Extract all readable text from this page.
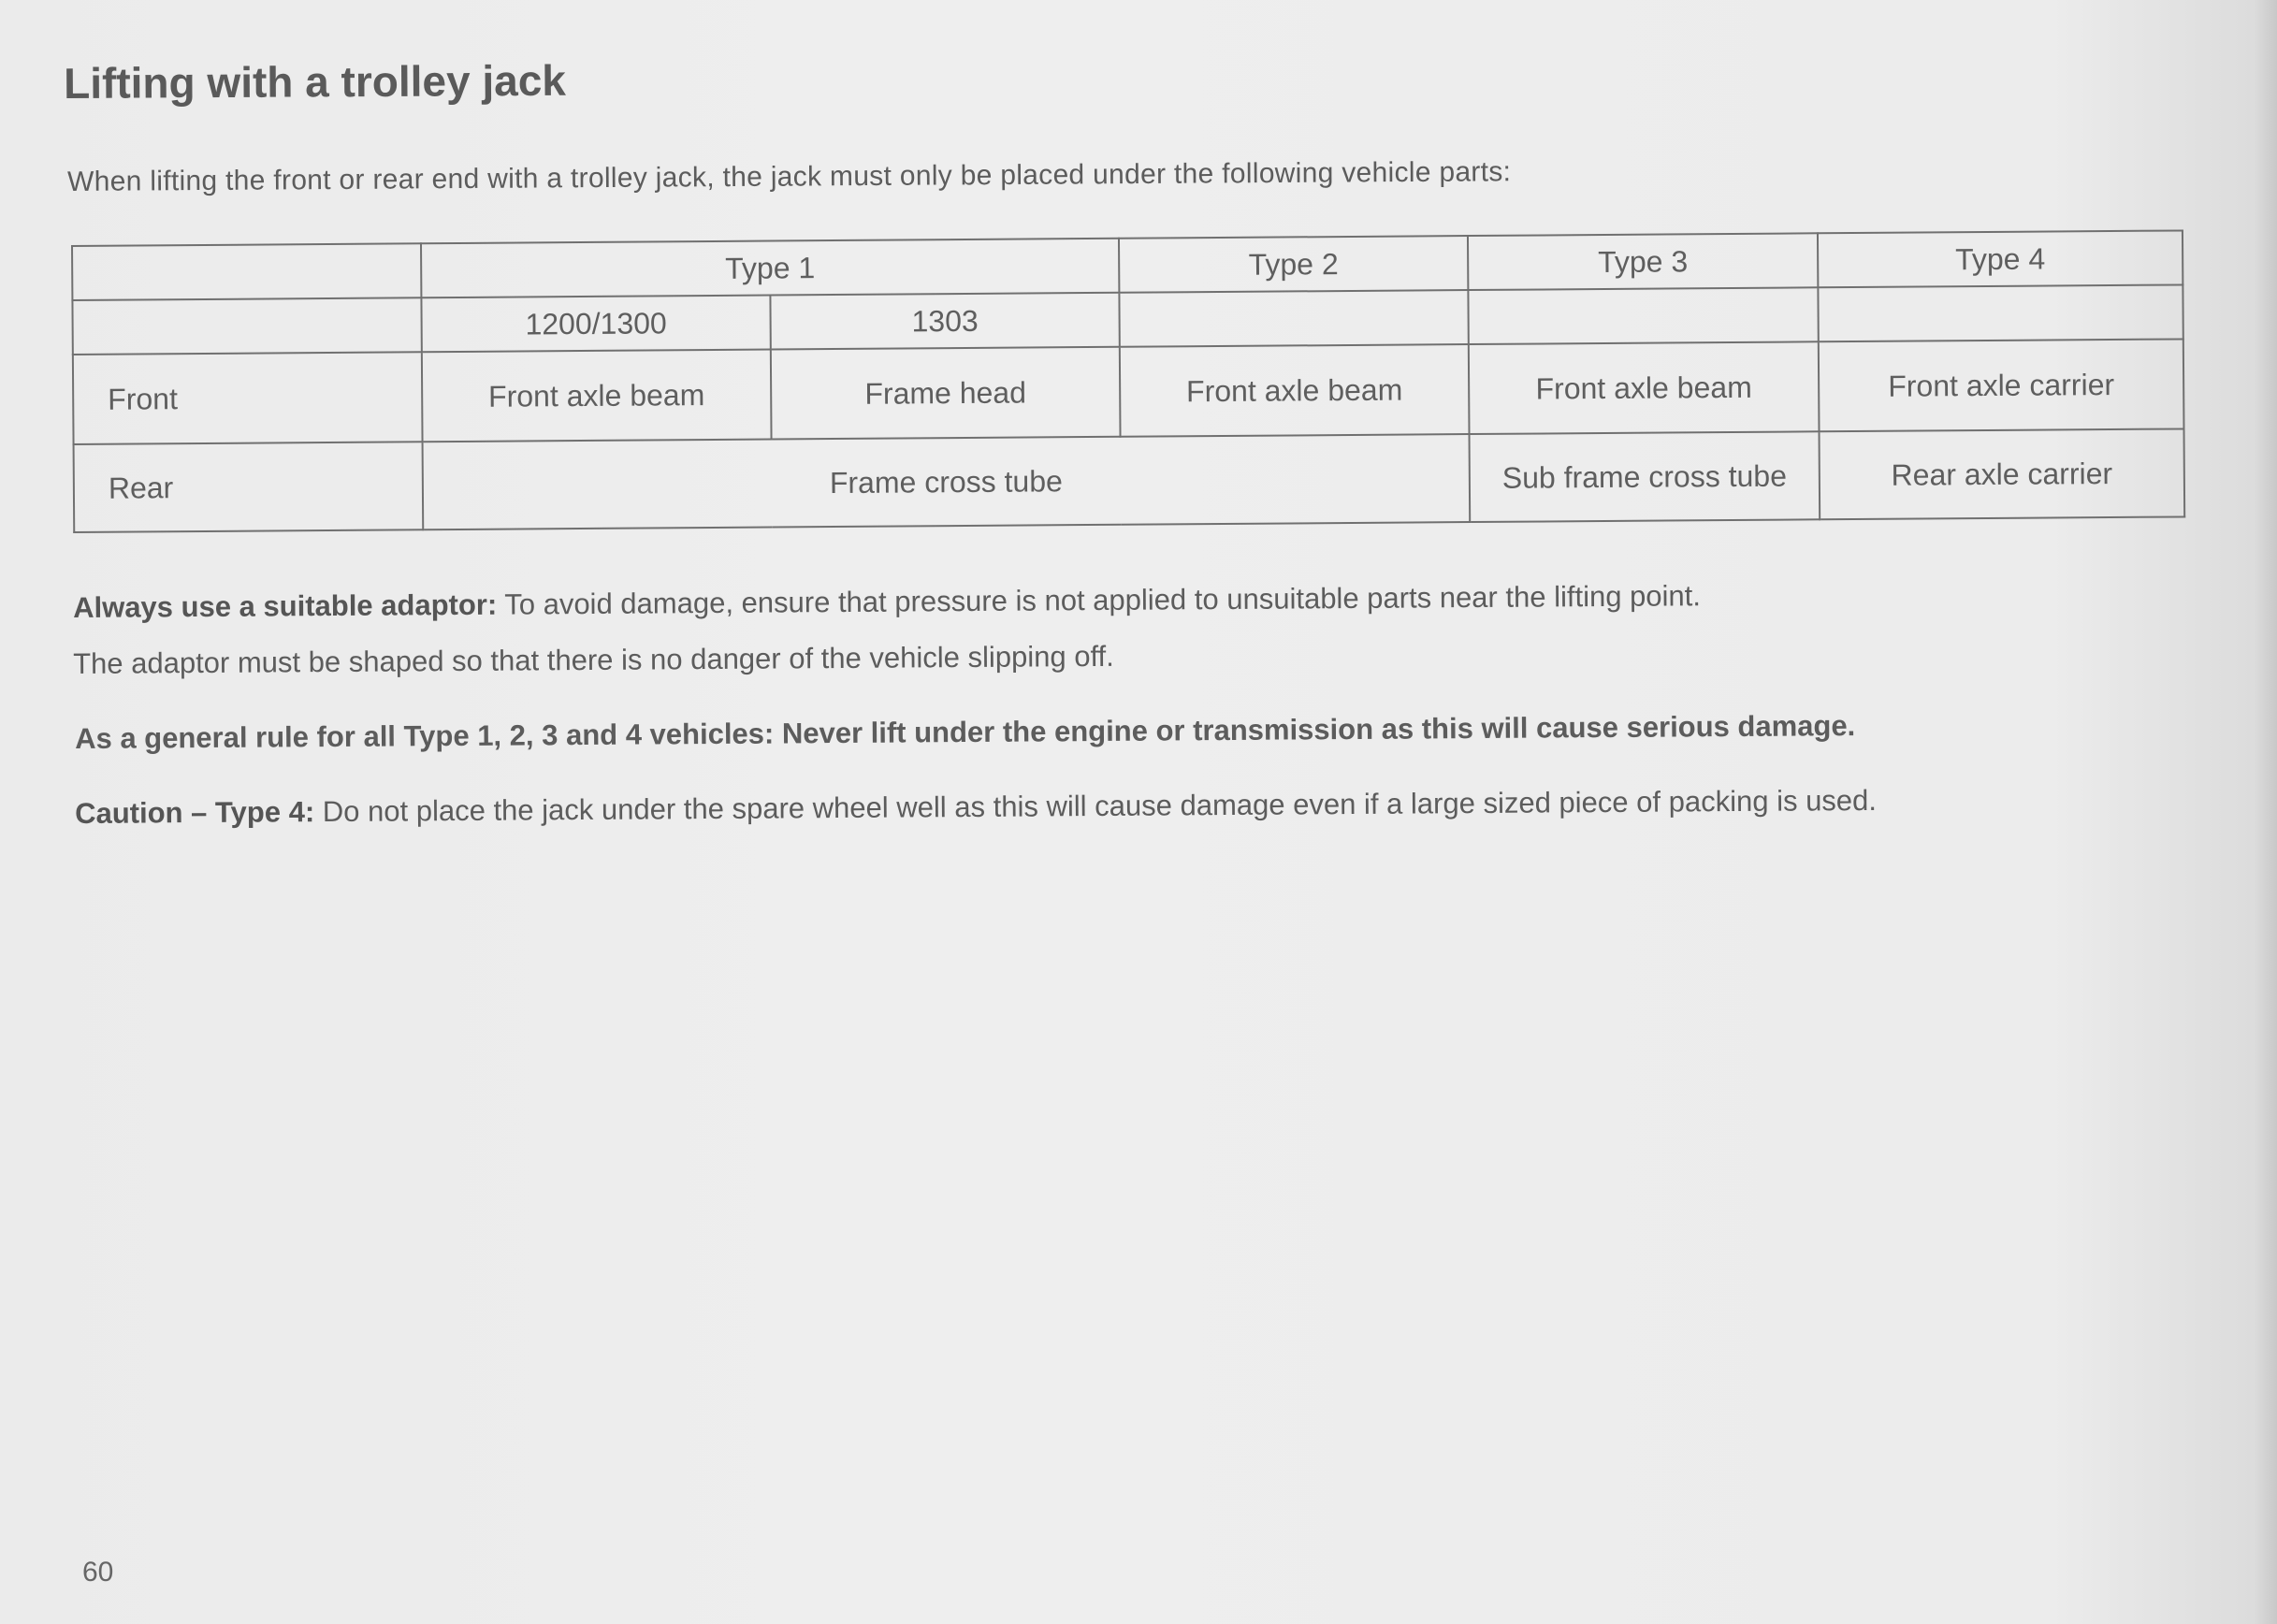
Lifting with a trolley jack

When lifting the front or rear end with a trolley jack, the jack must only be placed under the following vehicle parts:

	Type 1		Type 2	Type 3	Type 4
	1200/1300	1303			
Front	Front axle beam	Frame head	Front axle beam	Front axle beam	Front axle carrier
Rear	Frame cross tube			Sub frame cross tube	Rear axle carrier

Always use a suitable adaptor: To avoid damage, ensure that pressure is not applied to unsuitable parts near the lifting point.

The adaptor must be shaped so that there is no danger of the vehicle slipping off.

As a general rule for all Type 1, 2, 3 and 4 vehicles: Never lift under the engine or transmission as this will cause serious damage.

Caution – Type 4: Do not place the jack under the spare wheel well as this will cause damage even if a large sized piece of packing is used.

60
